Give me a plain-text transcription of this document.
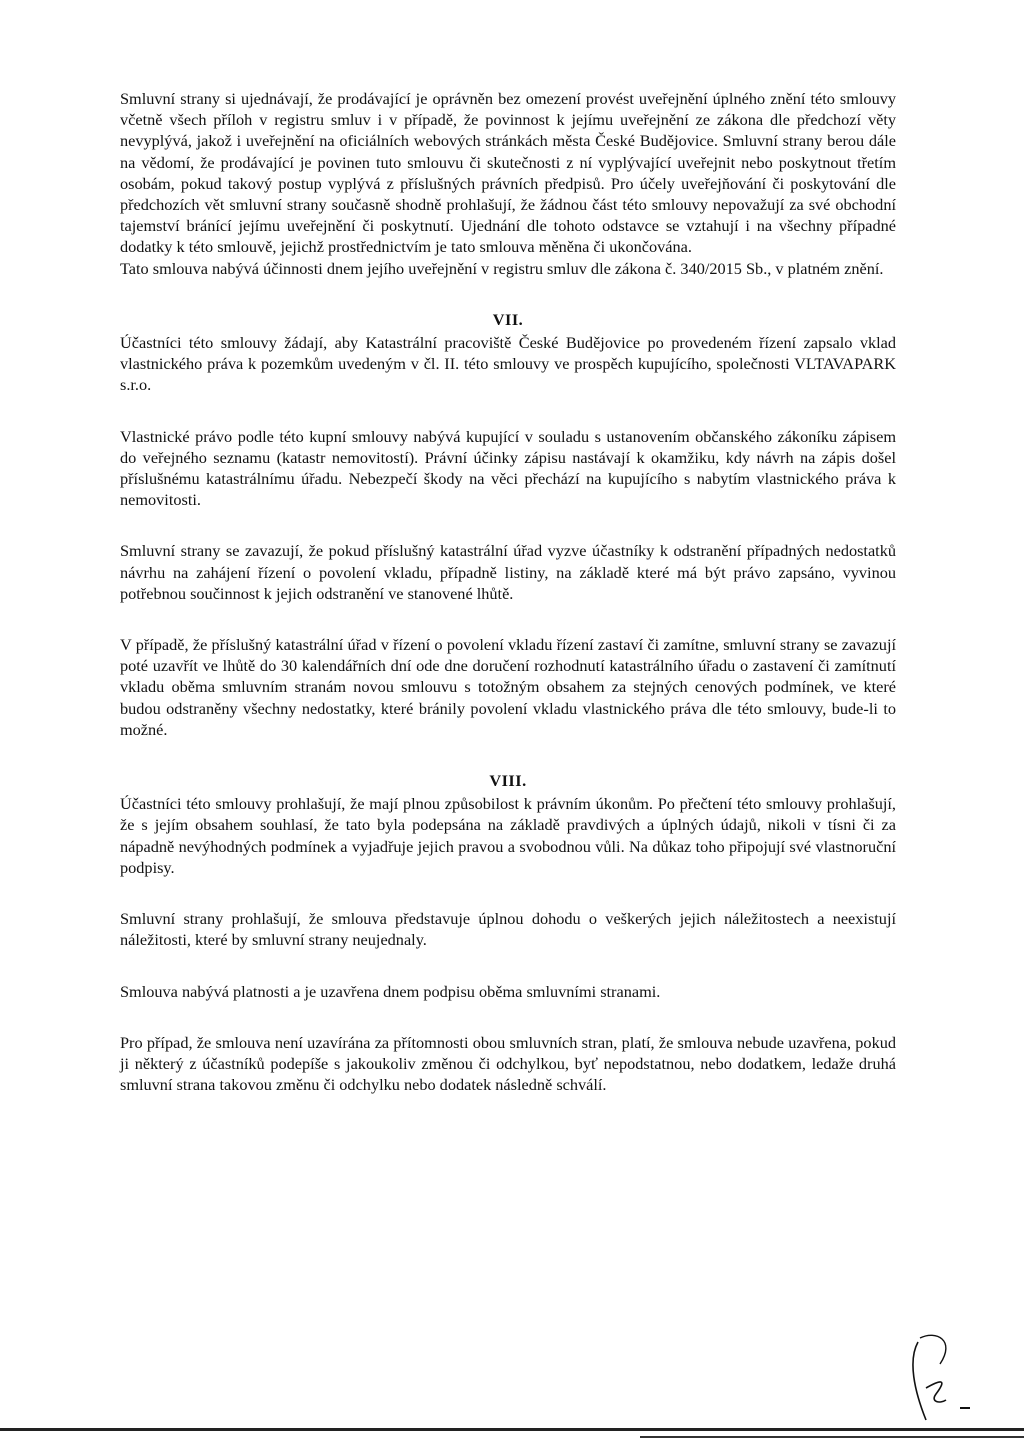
Smluvní strany si ujednávají, že prodávající je oprávněn bez omezení provést uveřejnění úplného znění této smlouvy včetně všech příloh v registru smluv i v případě, že povinnost k jejímu uveřejnění ze zákona dle předchozí věty nevyplývá, jakož i uveřejnění na oficiálních webových stránkách města České Budějovice. Smluvní strany berou dále na vědomí, že prodávající je povinen tuto smlouvu či skutečnosti z ní vyplývající uveřejnit nebo poskytnout třetím osobám, pokud takový postup vyplývá z příslušných právních předpisů. Pro účely uveřejňování či poskytování dle předchozích vět smluvní strany současně shodně prohlašují, že žádnou část této smlouvy nepovažují za své obchodní tajemství bránící jejímu uveřejnění či poskytnutí. Ujednání dle tohoto odstavce se vztahují i na všechny případné dodatky k této smlouvě, jejichž prostřednictvím je tato smlouva měněna či ukončována.

Tato smlouva nabývá účinnosti dnem jejího uveřejnění v registru smluv dle zákona č. 340/2015 Sb., v platném znění.

VII.

Účastníci této smlouvy žádají, aby Katastrální pracoviště České Budějovice po provedeném řízení zapsalo vklad vlastnického práva k pozemkům uvedeným v čl. II. této smlouvy ve prospěch kupujícího, společnosti VLTAVAPARK s.r.o.

Vlastnické právo podle této kupní smlouvy nabývá kupující v souladu s ustanovením občanského zákoníku zápisem do veřejného seznamu (katastr nemovitostí). Právní účinky zápisu nastávají k okamžiku, kdy návrh na zápis došel příslušnému katastrálnímu úřadu. Nebezpečí škody na věci přechází na kupujícího s nabytím vlastnického práva k nemovitosti.

Smluvní strany se zavazují, že pokud příslušný katastrální úřad vyzve účastníky k odstranění případných nedostatků návrhu na zahájení řízení o povolení vkladu, případně listiny, na základě které má být právo zapsáno, vyvinou potřebnou součinnost k jejich odstranění ve stanovené lhůtě.

V případě, že příslušný katastrální úřad v řízení o povolení vkladu řízení zastaví či zamítne, smluvní strany se zavazují poté uzavřít ve lhůtě do 30 kalendářních dní ode dne doručení rozhodnutí katastrálního úřadu o zastavení či zamítnutí vkladu oběma smluvním stranám novou smlouvu s totožným obsahem za stejných cenových podmínek, ve které budou odstraněny všechny nedostatky, které bránily povolení vkladu vlastnického práva dle této smlouvy, bude-li to možné.

VIII.

Účastníci této smlouvy prohlašují, že mají plnou způsobilost k právním úkonům. Po přečtení této smlouvy prohlašují, že s jejím obsahem souhlasí, že tato byla podepsána na základě pravdivých a úplných údajů, nikoli v tísni či za nápadně nevýhodných podmínek a vyjadřuje jejich pravou a svobodnou vůli. Na důkaz toho připojují své vlastnoruční podpisy.

Smluvní strany prohlašují, že smlouva představuje úplnou dohodu o veškerých jejich náležitostech a neexistují náležitosti, které by smluvní strany neujednaly.

Smlouva nabývá platnosti a je uzavřena dnem podpisu oběma smluvními stranami.

Pro případ, že smlouva není uzavírána za přítomnosti obou smluvních stran, platí, že smlouva nebude uzavřena, pokud ji některý z účastníků podepíše s jakoukoliv změnou či odchylkou, byť nepodstatnou, nebo dodatkem, ledaže druhá smluvní strana takovou změnu či odchylku nebo dodatek následně schválí.
